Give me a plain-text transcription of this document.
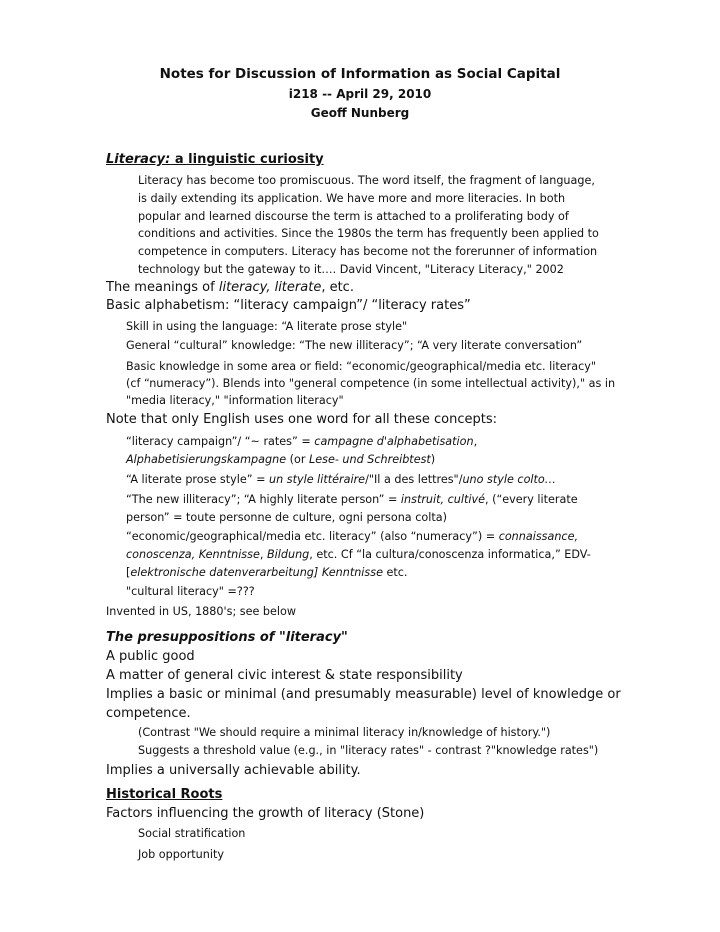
Notes for Discussion of Information as Social Capital
i218 -- April 29, 2010
Geoff Nunberg
Literacy: a linguistic curiosity
Literacy has become too promiscuous. The word itself, the fragment of language,
is daily extending its application. We have more and more literacies. In both
popular and learned discourse the term is attached to a proliferating body of
conditions and activities. Since the 1980s the term has frequently been applied to
competence in computers. Literacy has become not the forerunner of information
technology but the gateway to it…. David Vincent, "Literacy Literacy," 2002
The meanings of literacy, literate, etc.
Basic alphabetism: “literacy campaign”/ “literacy rates”
Skill in using the language: “A literate prose style"
General “cultural” knowledge: “The new illiteracy”; “A very literate conversation”
Basic knowledge in some area or field: “economic/geographical/media etc. literacy"
(cf “numeracy”). Blends into "general competence (in some intellectual activity)," as in
"media literacy," "information literacy"
Note that only English uses one word for all these concepts:
“literacy campaign”/ “~ rates” = campagne d'alphabetisation,
Alphabetisierungskampagne (or Lese- und Schreibtest)
“A literate prose style” = un style littéraire/"Il a des lettres"/uno style colto…
“The new illiteracy”; “A highly literate person” = instruit, cultivé, (“every literate
person” = toute personne de culture, ogni persona colta)
“economic/geographical/media etc. literacy” (also “numeracy”) = connaissance,
conoscenza, Kenntnisse, Bildung, etc. Cf “la cultura/conoscenza informatica,” EDV-
[elektronische datenverarbeitung] Kenntnisse etc.
"cultural literacy" =???
Invented in US, 1880's; see below
The presuppositions of "literacy"
A public good
A matter of general civic interest & state responsibility
Implies a basic or minimal (and presumably measurable) level of knowledge or
competence.
(Contrast "We should require a minimal literacy in/knowledge of history.")
Suggests a threshold value (e.g., in "literacy rates" - contrast ?"knowledge rates")
Implies a universally achievable ability.
Historical Roots
Factors influencing the growth of literacy (Stone)
Social stratification
Job opportunity
